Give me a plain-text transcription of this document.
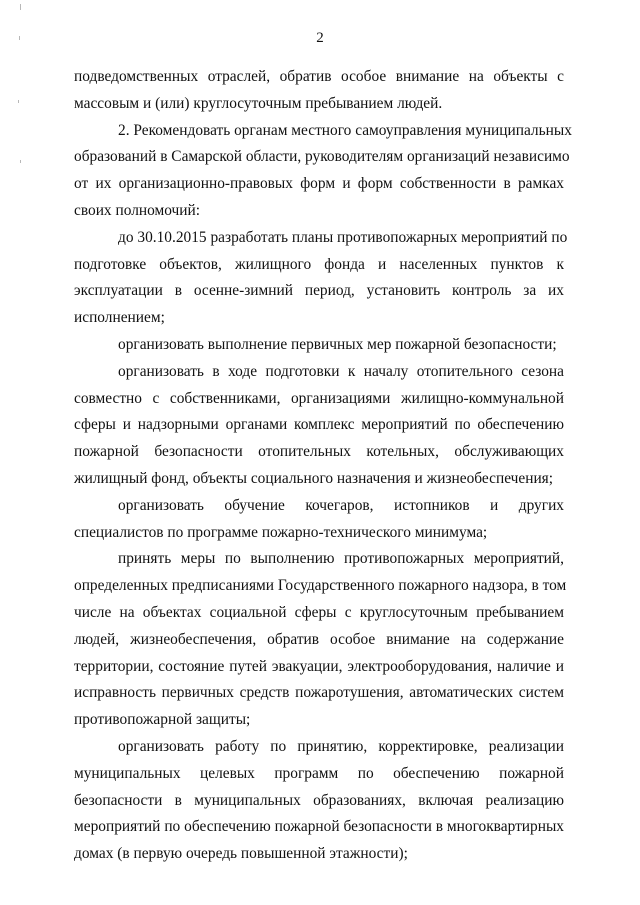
2
подведомственных отраслей, обратив особое внимание на объекты с
массовым и (или) круглосуточным пребыванием людей.
2. Рекомендовать органам местного самоуправления муниципальных
образований в Самарской области, руководителям организаций независимо
от их организационно-правовых форм и форм собственности в рамках
своих полномочий:
до 30.10.2015 разработать планы противопожарных мероприятий по
подготовке объектов, жилищного фонда и населенных пунктов к
эксплуатации в осенне-зимний период, установить контроль за их
исполнением;
организовать выполнение первичных мер пожарной безопасности;
организовать в ходе подготовки к началу отопительного сезона
совместно с собственниками, организациями жилищно-коммунальной
сферы и надзорными органами комплекс мероприятий по обеспечению
пожарной безопасности отопительных котельных, обслуживающих
жилищный фонд, объекты социального назначения и жизнеобеспечения;
организовать обучение кочегаров, истопников и других
специалистов по программе пожарно-технического минимума;
принять меры по выполнению противопожарных мероприятий,
определенных предписаниями Государственного пожарного надзора, в том
числе на объектах социальной сферы с круглосуточным пребыванием
людей, жизнеобеспечения, обратив особое внимание на содержание
территории, состояние путей эвакуации, электрооборудования, наличие и
исправность первичных средств пожаротушения, автоматических систем
противопожарной защиты;
организовать работу по принятию, корректировке, реализации
муниципальных целевых программ по обеспечению пожарной
безопасности в муниципальных образованиях, включая реализацию
мероприятий по обеспечению пожарной безопасности в многоквартирных
домах (в первую очередь повышенной этажности);
